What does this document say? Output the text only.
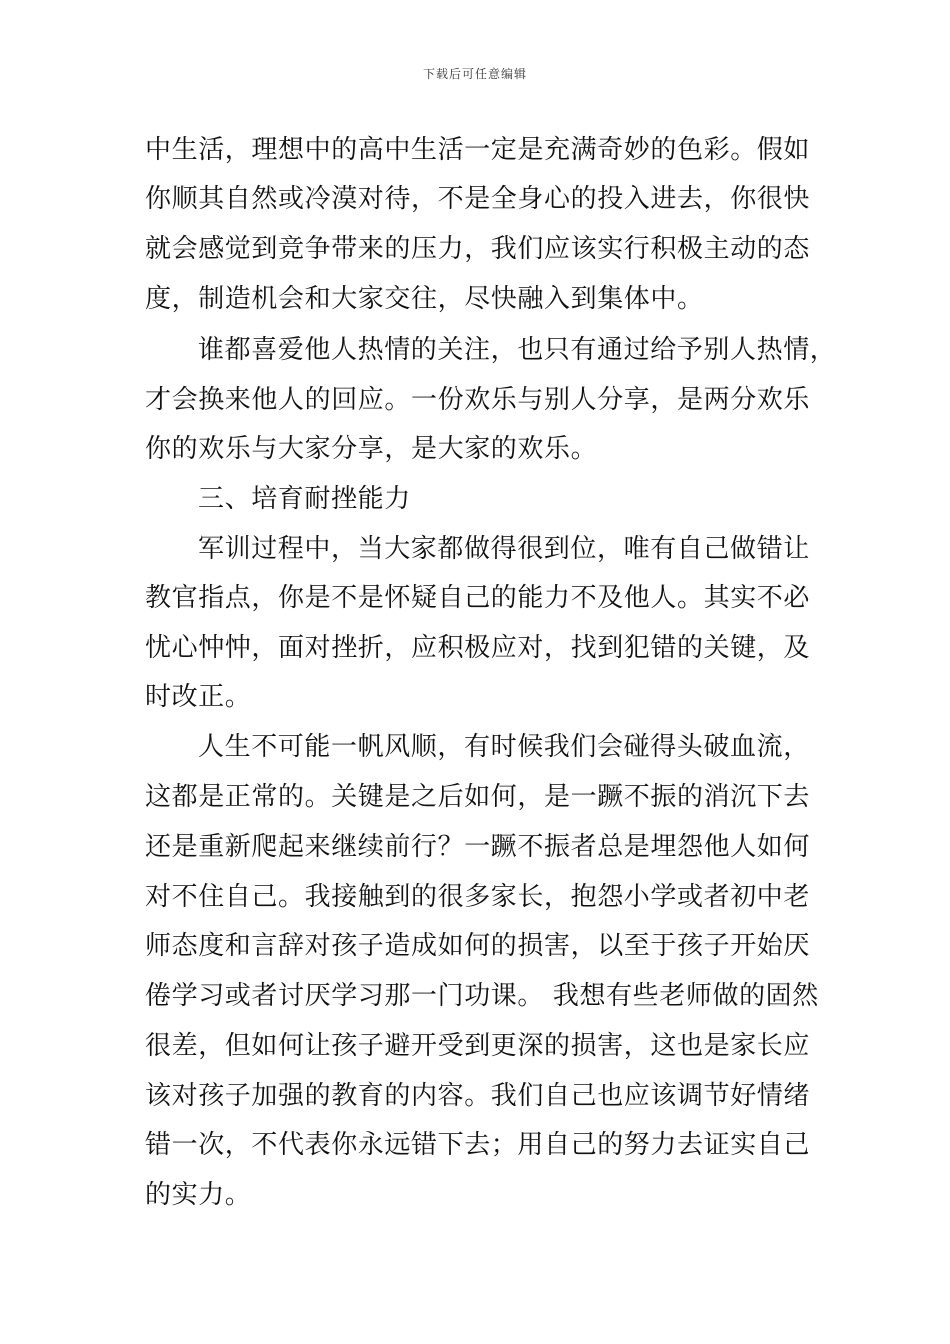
下载后可任意编辑
中生活，理想中的高中生活一定是充满奇妙的色彩。假如
你顺其自然或冷漠对待，不是全身心的投入进去，你很快
就会感觉到竞争带来的压力，我们应该实行积极主动的态
度，制造机会和大家交往，尽快融入到集体中。
谁都喜爱他人热情的关注，也只有通过给予别人热情，
才会换来他人的回应。一份欢乐与别人分享，是两分欢乐
你的欢乐与大家分享，是大家的欢乐。
三、培育耐挫能力
军训过程中，当大家都做得很到位，唯有自己做错让
教官指点，你是不是怀疑自己的能力不及他人。其实不必
忧心忡忡，面对挫折，应积极应对，找到犯错的关键，及
时改正。
人生不可能一帆风顺，有时候我们会碰得头破血流，
这都是正常的。关键是之后如何，是一蹶不振的消沉下去
还是重新爬起来继续前行？一蹶不振者总是埋怨他人如何
对不住自己。我接触到的很多家长，抱怨小学或者初中老
师态度和言辞对孩子造成如何的损害，以至于孩子开始厌
倦学习或者讨厌学习那一门功课。 我想有些老师做的固然
很差，但如何让孩子避开受到更深的损害，这也是家长应
该对孩子加强的教育的内容。我们自己也应该调节好情绪
错一次，不代表你永远错下去；用自己的努力去证实自己
的实力。
